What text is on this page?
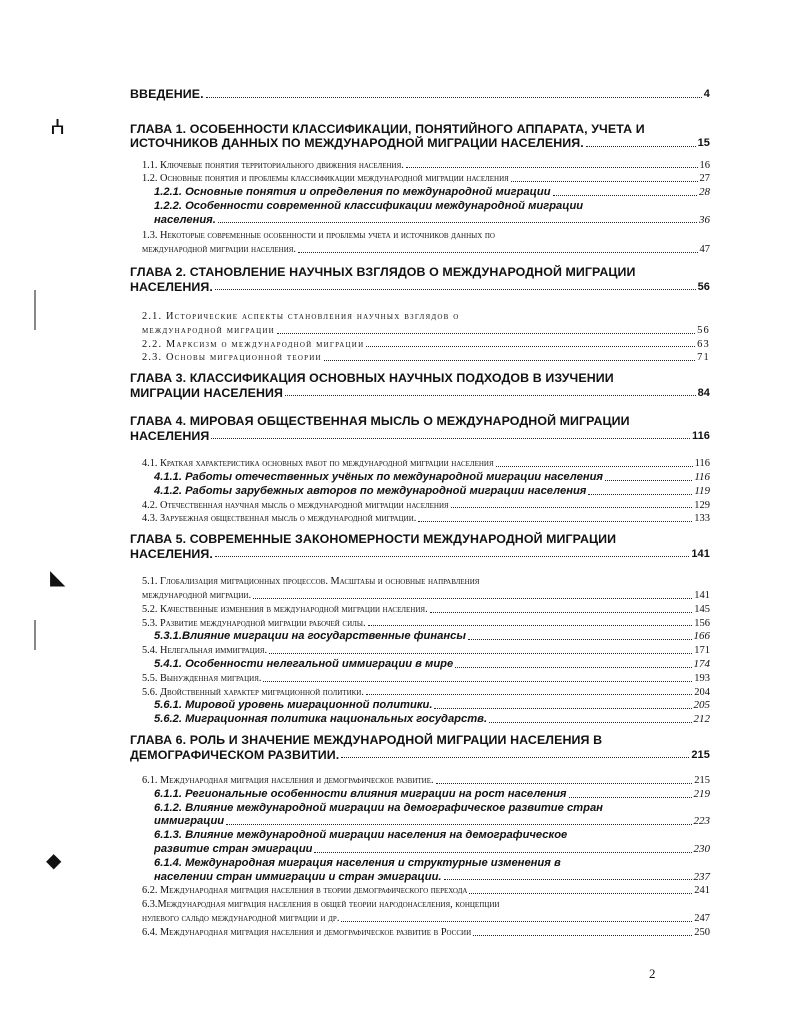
ⵄ
◣
◆
ВВЕДЕНИЕ.	4
ГЛАВА 1. ОСОБЕННОСТИ КЛАССИФИКАЦИИ, ПОНЯТИЙНОГО АППАРАТА, УЧЕТА И
ИСТОЧНИКОВ ДАННЫХ ПО МЕЖДУНАРОДНОЙ МИГРАЦИИ НАСЕЛЕНИЯ.	15
1.1. Ключевые понятия территориального движения населения.	16
1.2. Основные понятия и проблемы классификации международной миграции населения	27
1.2.1. Основные понятия и определения по международной миграции	28
1.2.2. Особенности современной классификации международной миграции
населения.	36
1.3. Некоторые современные особенности и проблемы учета и источников данных по
международной миграции населения.	47
ГЛАВА 2. СТАНОВЛЕНИЕ НАУЧНЫХ ВЗГЛЯДОВ О МЕЖДУНАРОДНОЙ МИГРАЦИИ
НАСЕЛЕНИЯ.	56
2.1. Исторические аспекты становления научных взглядов о
международной миграции	56
2.2. Марксизм о международной миграции	63
2.3. Основы миграционной теории	71
ГЛАВА 3. КЛАССИФИКАЦИЯ ОСНОВНЫХ НАУЧНЫХ ПОДХОДОВ В ИЗУЧЕНИИ
МИГРАЦИИ НАСЕЛЕНИЯ	84
ГЛАВА 4. МИРОВАЯ ОБЩЕСТВЕННАЯ МЫСЛЬ О МЕЖДУНАРОДНОЙ МИГРАЦИИ
НАСЕЛЕНИЯ	116
4.1. Краткая характеристика основных работ по международной миграции населения	116
4.1.1. Работы отечественных учёных по международной миграции населения	116
4.1.2. Работы зарубежных авторов по международной миграции населения	119
4.2. Отечественная научная мысль о международной миграции населения	129
4.3. Зарубежная общественная мысль о международной миграции.	133
ГЛАВА 5. СОВРЕМЕННЫЕ ЗАКОНОМЕРНОСТИ МЕЖДУНАРОДНОЙ МИГРАЦИИ
НАСЕЛЕНИЯ.	141
5.1. Глобализация миграционных процессов. Масштабы и основные направления
международной миграции.	141
5.2. Качественные изменения в международной миграции населения.	145
5.3. Развитие международной миграции рабочей силы.	156
5.3.1.Влияние миграции на государственные финансы	166
5.4. Нелегальная иммиграция.	171
5.4.1. Особенности нелегальной иммиграции в мире	174
5.5. Вынужденная миграция.	193
5.6. Двойственный характер миграционной политики.	204
5.6.1. Мировой уровень миграционной политики.	205
5.6.2. Миграционная политика национальных государств.	212
ГЛАВА 6. РОЛЬ И ЗНАЧЕНИЕ МЕЖДУНАРОДНОЙ МИГРАЦИИ НАСЕЛЕНИЯ В
ДЕМОГРАФИЧЕСКОМ РАЗВИТИИ.	215
6.1. Международная миграция населения и демографическое развитие.	215
6.1.1. Региональные особенности влияния миграции на рост населения	219
6.1.2. Влияние международной миграции на демографическое развитие стран
иммиграции	223
6.1.3. Влияние международной миграции населения на демографическое
развитие стран эмиграции	230
6.1.4. Международная миграция населения и структурные изменения в
населении стран иммиграции и стран эмиграции.	237
6.2. Международная миграция населения в теории демографического перехода	241
6.3.Международная миграция населения в общей теории народонаселения, концепции
нулевого сальдо международной миграции и др.	247
6.4. Международная миграция населения и демографическое развитие в России	250
2
